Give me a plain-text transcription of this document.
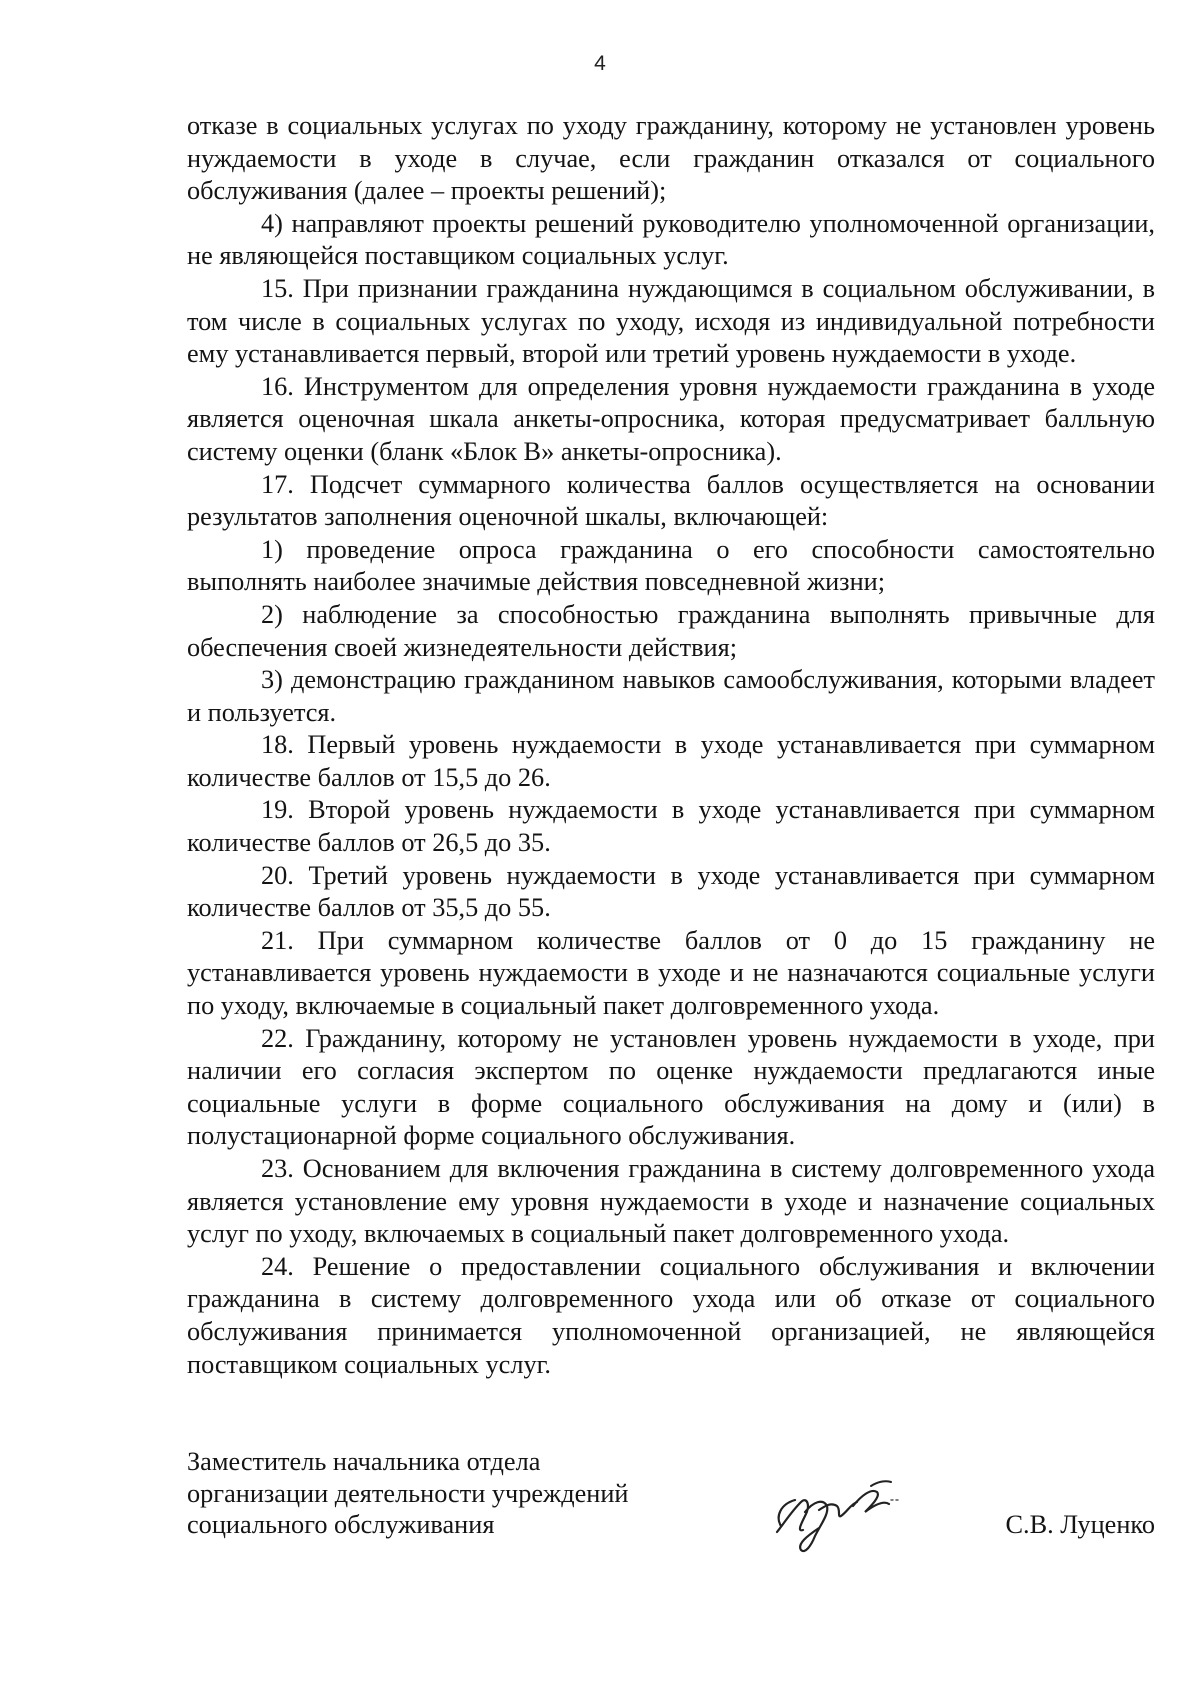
4

отказе в социальных услугах по уходу гражданину, которому не установлен уровень нуждаемости в уходе в случае, если гражданин отказался от социального обслуживания (далее – проекты решений);

4) направляют проекты решений руководителю уполномоченной организации, не являющейся поставщиком социальных услуг.

15. При признании гражданина нуждающимся в социальном обслуживании, в том числе в социальных услугах по уходу, исходя из индивидуальной потребности ему устанавливается первый, второй или третий уровень нуждаемости в уходе.

16. Инструментом для определения уровня нуждаемости гражданина в уходе является оценочная шкала анкеты-опросника, которая предусматривает балльную систему оценки (бланк «Блок В» анкеты-опросника).

17. Подсчет суммарного количества баллов осуществляется на основании результатов заполнения оценочной шкалы, включающей:

1) проведение опроса гражданина о его способности самостоятельно выполнять наиболее значимые действия повседневной жизни;

2) наблюдение за способностью гражданина выполнять привычные для обеспечения своей жизнедеятельности действия;

3) демонстрацию гражданином навыков самообслуживания, которыми владеет и пользуется.

18. Первый уровень нуждаемости в уходе устанавливается при суммарном количестве баллов от 15,5 до 26.

19. Второй уровень нуждаемости в уходе устанавливается при суммарном количестве баллов от 26,5 до 35.

20. Третий уровень нуждаемости в уходе устанавливается при суммарном количестве баллов от 35,5 до 55.

21. При суммарном количестве баллов от 0 до 15 гражданину не устанавливается уровень нуждаемости в уходе и не назначаются социальные услуги по уходу, включаемые в социальный пакет долговременного ухода.

22. Гражданину, которому не установлен уровень нуждаемости в уходе, при наличии его согласия экспертом по оценке нуждаемости предлагаются иные социальные услуги в форме социального обслуживания на дому и (или) в полустационарной форме социального обслуживания.

23. Основанием для включения гражданина в систему долговременного ухода является установление ему уровня нуждаемости в уходе и назначение социальных услуг по уходу, включаемых в социальный пакет долговременного ухода.

24. Решение о предоставлении социального обслуживания и включении гражданина в систему долговременного ухода или об отказе от социального обслуживания принимается уполномоченной организацией, не являющейся поставщиком социальных услуг.

Заместитель начальника отдела
организации деятельности учреждений
социального обслуживания	С.В. Луценко
